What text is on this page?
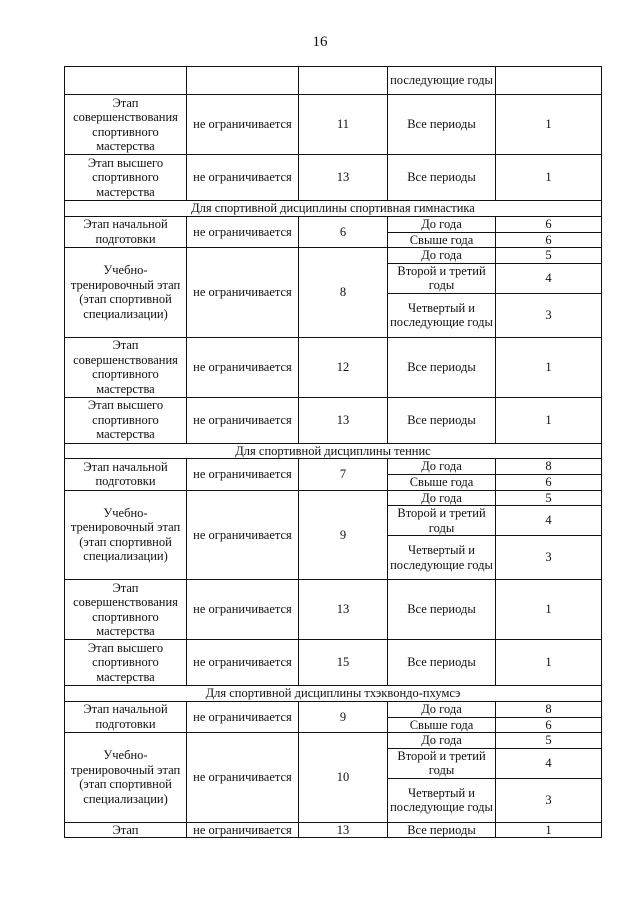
16
			последующие годы	
Этап совершенствования спортивного мастерства	не ограничивается	11	Все периоды	1
Этап высшего спортивного мастерства	не ограничивается	13	Все периоды	1
Для спортивной дисциплины спортивная гимнастика				
Этап начальной подготовки	не ограничивается	6	До года	6
			Свыше года	6
Учебно-тренировочный этап (этап спортивной специализации)	не ограничивается	8	До года	5
			Второй и третий годы	4
			Четвертый и последующие годы	3
Этап совершенствования спортивного мастерства	не ограничивается	12	Все периоды	1
Этап высшего спортивного мастерства	не ограничивается	13	Все периоды	1
Для спортивной дисциплины теннис				
Этап начальной подготовки	не ограничивается	7	До года	8
			Свыше года	6
Учебно-тренировочный этап (этап спортивной специализации)	не ограничивается	9	До года	5
			Второй и третий годы	4
			Четвертый и последующие годы	3
Этап совершенствования спортивного мастерства	не ограничивается	13	Все периоды	1
Этап высшего спортивного мастерства	не ограничивается	15	Все периоды	1
Для спортивной дисциплины тхэквондо-пхумсэ				
Этап начальной подготовки	не ограничивается	9	До года	8
			Свыше года	6
Учебно-тренировочный этап (этап спортивной специализации)	не ограничивается	10	До года	5
			Второй и третий годы	4
			Четвертый и последующие годы	3
Этап	не ограничивается	13	Все периоды	1
